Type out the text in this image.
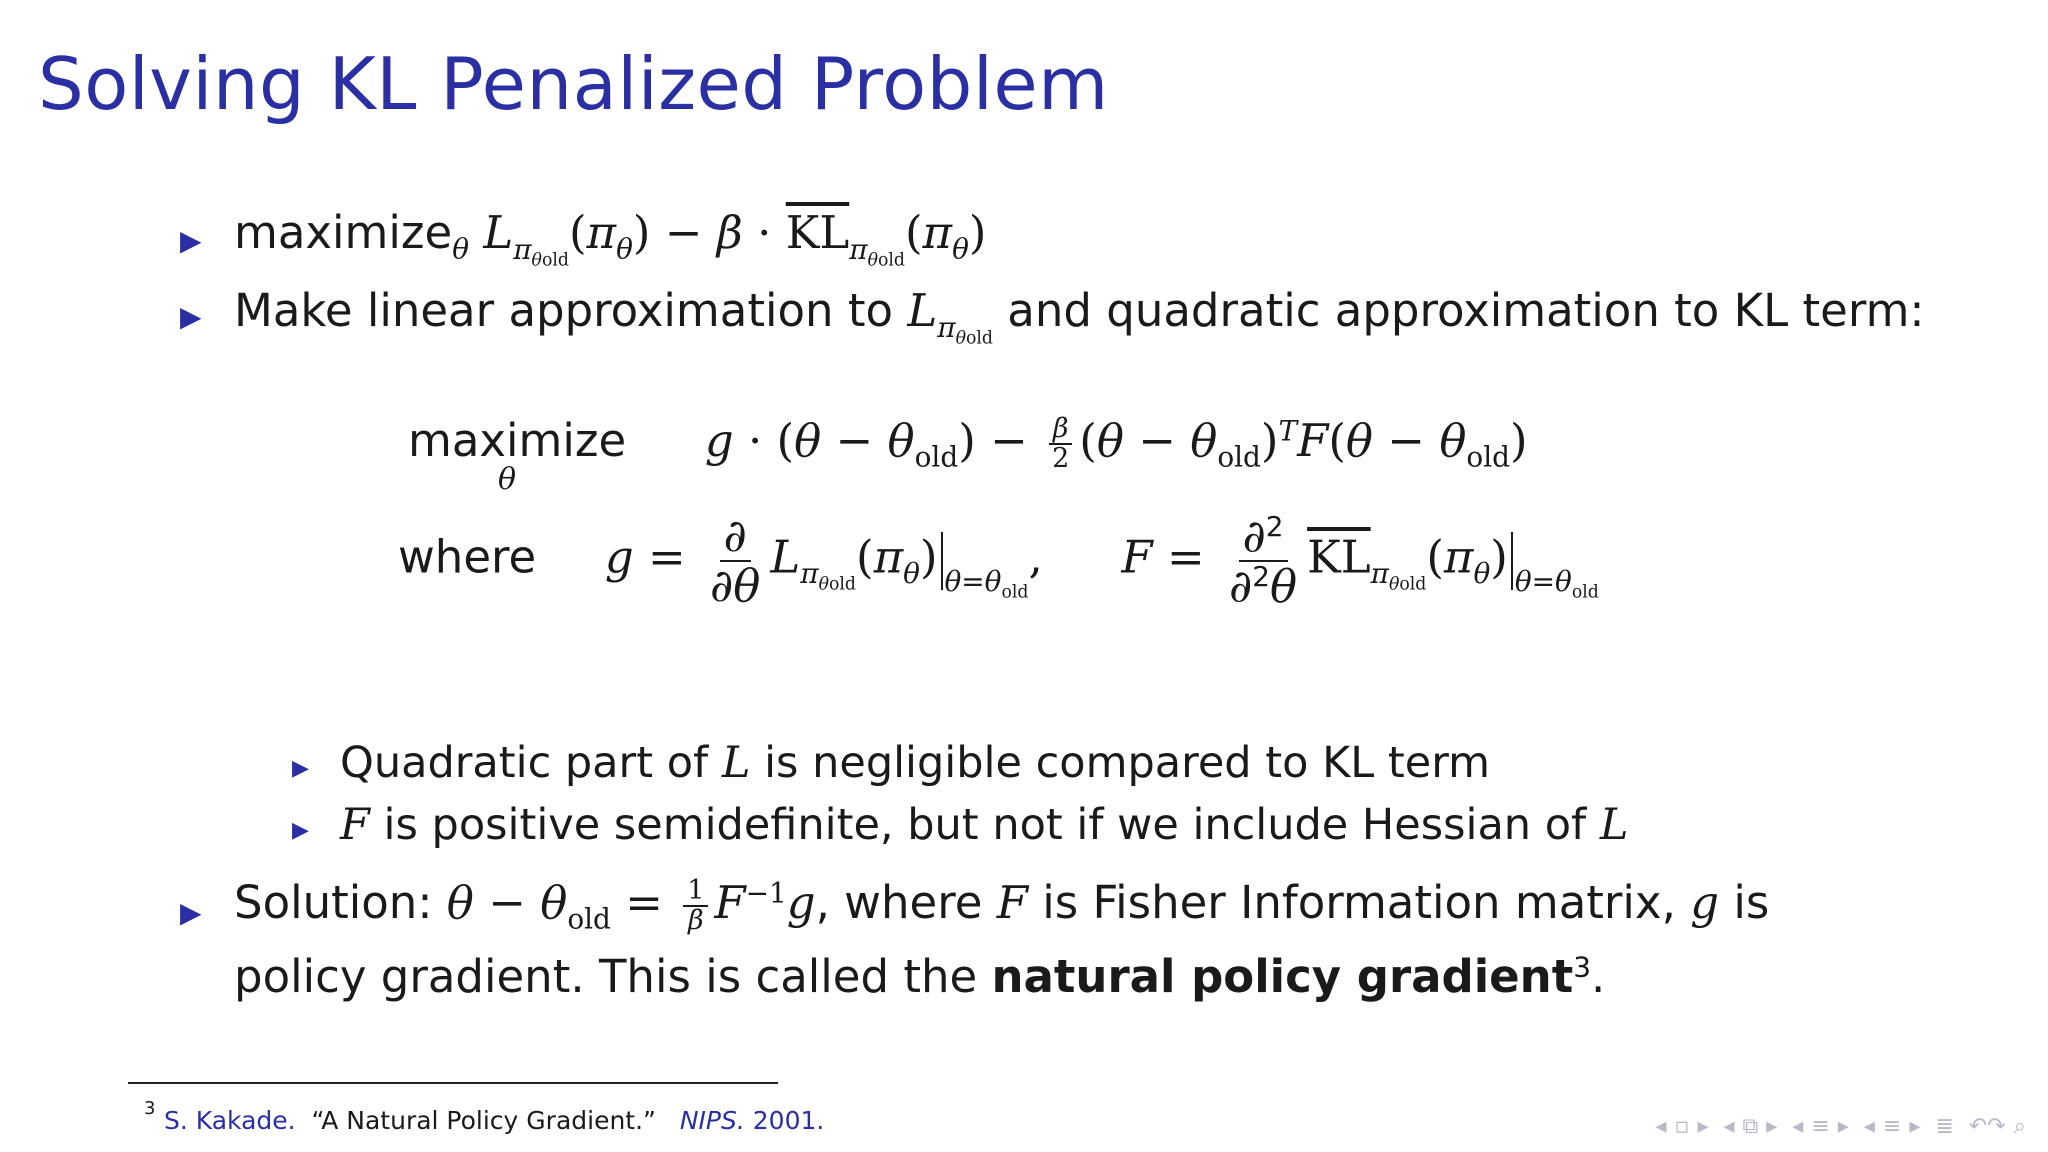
Solving KL Penalized Problem
▶ maximize$_\theta$ $L_{\pi_{\theta old}}(\pi_\theta) - \beta \cdot \overline{KL}_{\pi_{\theta old}}(\pi_\theta)$
▶ Make linear approximation to $L_{\pi_{\theta old}}$ and quadratic approximation to KL term:
maximize
θ
$g \cdot (\theta - \theta_{old}) - \frac{\beta}{2} (\theta - \theta_{old})^TF(\theta - \theta_{old})$
where $g = \frac{\partial}{\partial\theta} L_{\pi_{\theta old}}(\pi_\theta)$ $_{\theta=\theta_{old}}$, $F = \frac{\partial^2}{\partial^2\theta} \overline{KL}_{\pi_{\theta old}}(\pi_\theta)$ $_{\theta=\theta_{old}}$
▶ Quadratic part of L is negligible compared to KL term
▶ F is positive semidefinite, but not if we include Hessian of L
▶ Solution: $\theta - \theta_{old} = \frac{1}{\beta} F^{-1}g$, where F is Fisher Information matrix, g is
policy gradient. This is called the natural policy gradient$^3$.
3 S. Kakade. “A Natural Policy Gradient.” NIPS. 2001.	◂ ▫ ▸ ◂ ⧉ ▸ ◂ ≡ ▸ ◂ ≡ ▸ ≣ ↶↷ ⌕
